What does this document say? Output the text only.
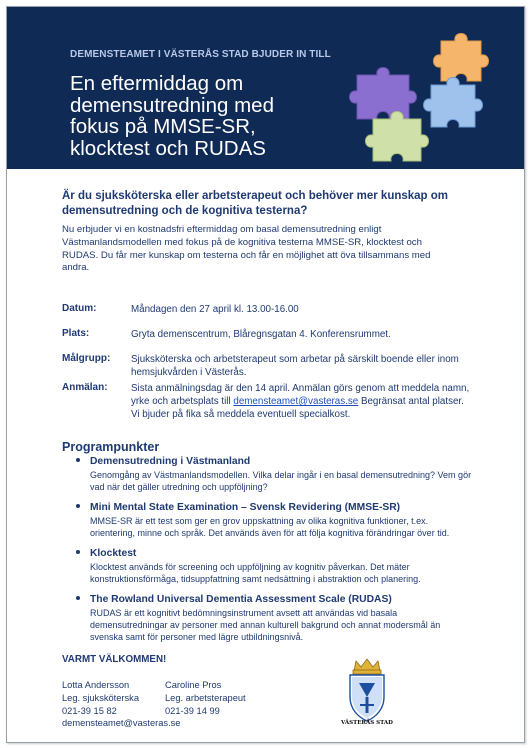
DEMENSTEAMET I VÄSTERÅS STAD BJUDER IN TILL
En eftermiddag om
demensutredning med
fokus på MMSE-SR,
klocktest och RUDAS

Är du sjuksköterska eller arbetsterapeut och behöver mer kunskap om
demensutredning och de kognitiva testerna?

Nu erbjuder vi en kostnadsfri eftermiddag om basal demensutredning enligt
Västmanlandsmodellen med fokus på de kognitiva testerna MMSE-SR, klocktest och
RUDAS. Du får mer kunskap om testerna och får en möjlighet att öva tillsammans med
andra.

Datum:	Måndagen den 27 april kl. 13.00-16.00
Plats:	Gryta demenscentrum, Blåregnsgatan 4. Konferensrummet.
Målgrupp: Sjuksköterska och arbetsterapeut som arbetar på särskilt boende eller inom
hemsjukvården i Västerås.
Anmälan: Sista anmälningsdag är den 14 april. Anmälan görs genom att meddela namn,
yrke och arbetsplats till demensteamet@vasteras.se Begränsat antal platser.
Vi bjuder på fika så meddela eventuell specialkost.
Programpunkter
Demensutredning i Västmanland
Genomgång av Västmanlandsmodellen. Vilka delar ingår i en basal demensutredning? Vem gör
vad när det gäller utredning och uppföljning?
Mini Mental State Examination – Svensk Revidering (MMSE-SR)
MMSE-SR är ett test som ger en grov uppskattning av olika kognitiva funktioner, t.ex.
orientering, minne och språk. Det används även för att följa kognitiva förändringar över tid.
Klocktest
Klocktest används för screening och uppföljning av kognitiv påverkan. Det mäter
konstruktionsförmåga, tidsuppfattning samt nedsättning i abstraktion och planering.
The Rowland Universal Dementia Assessment Scale (RUDAS)
RUDAS är ett kognitivt bedömningsinstrument avsett att användas vid basala
demensutredningar av personer med annan kulturell bakgrund och annat modersmål än
svenska samt för personer med lägre utbildningsnivå.
VARMT VÄLKOMMEN!
Lotta Andersson
Leg. sjuksköterska
021-39 15 82
demensteamet@vasteras.se
Caroline Pros
Leg. arbetsterapeut
021-39 14 99
VÄSTERÅS STAD
